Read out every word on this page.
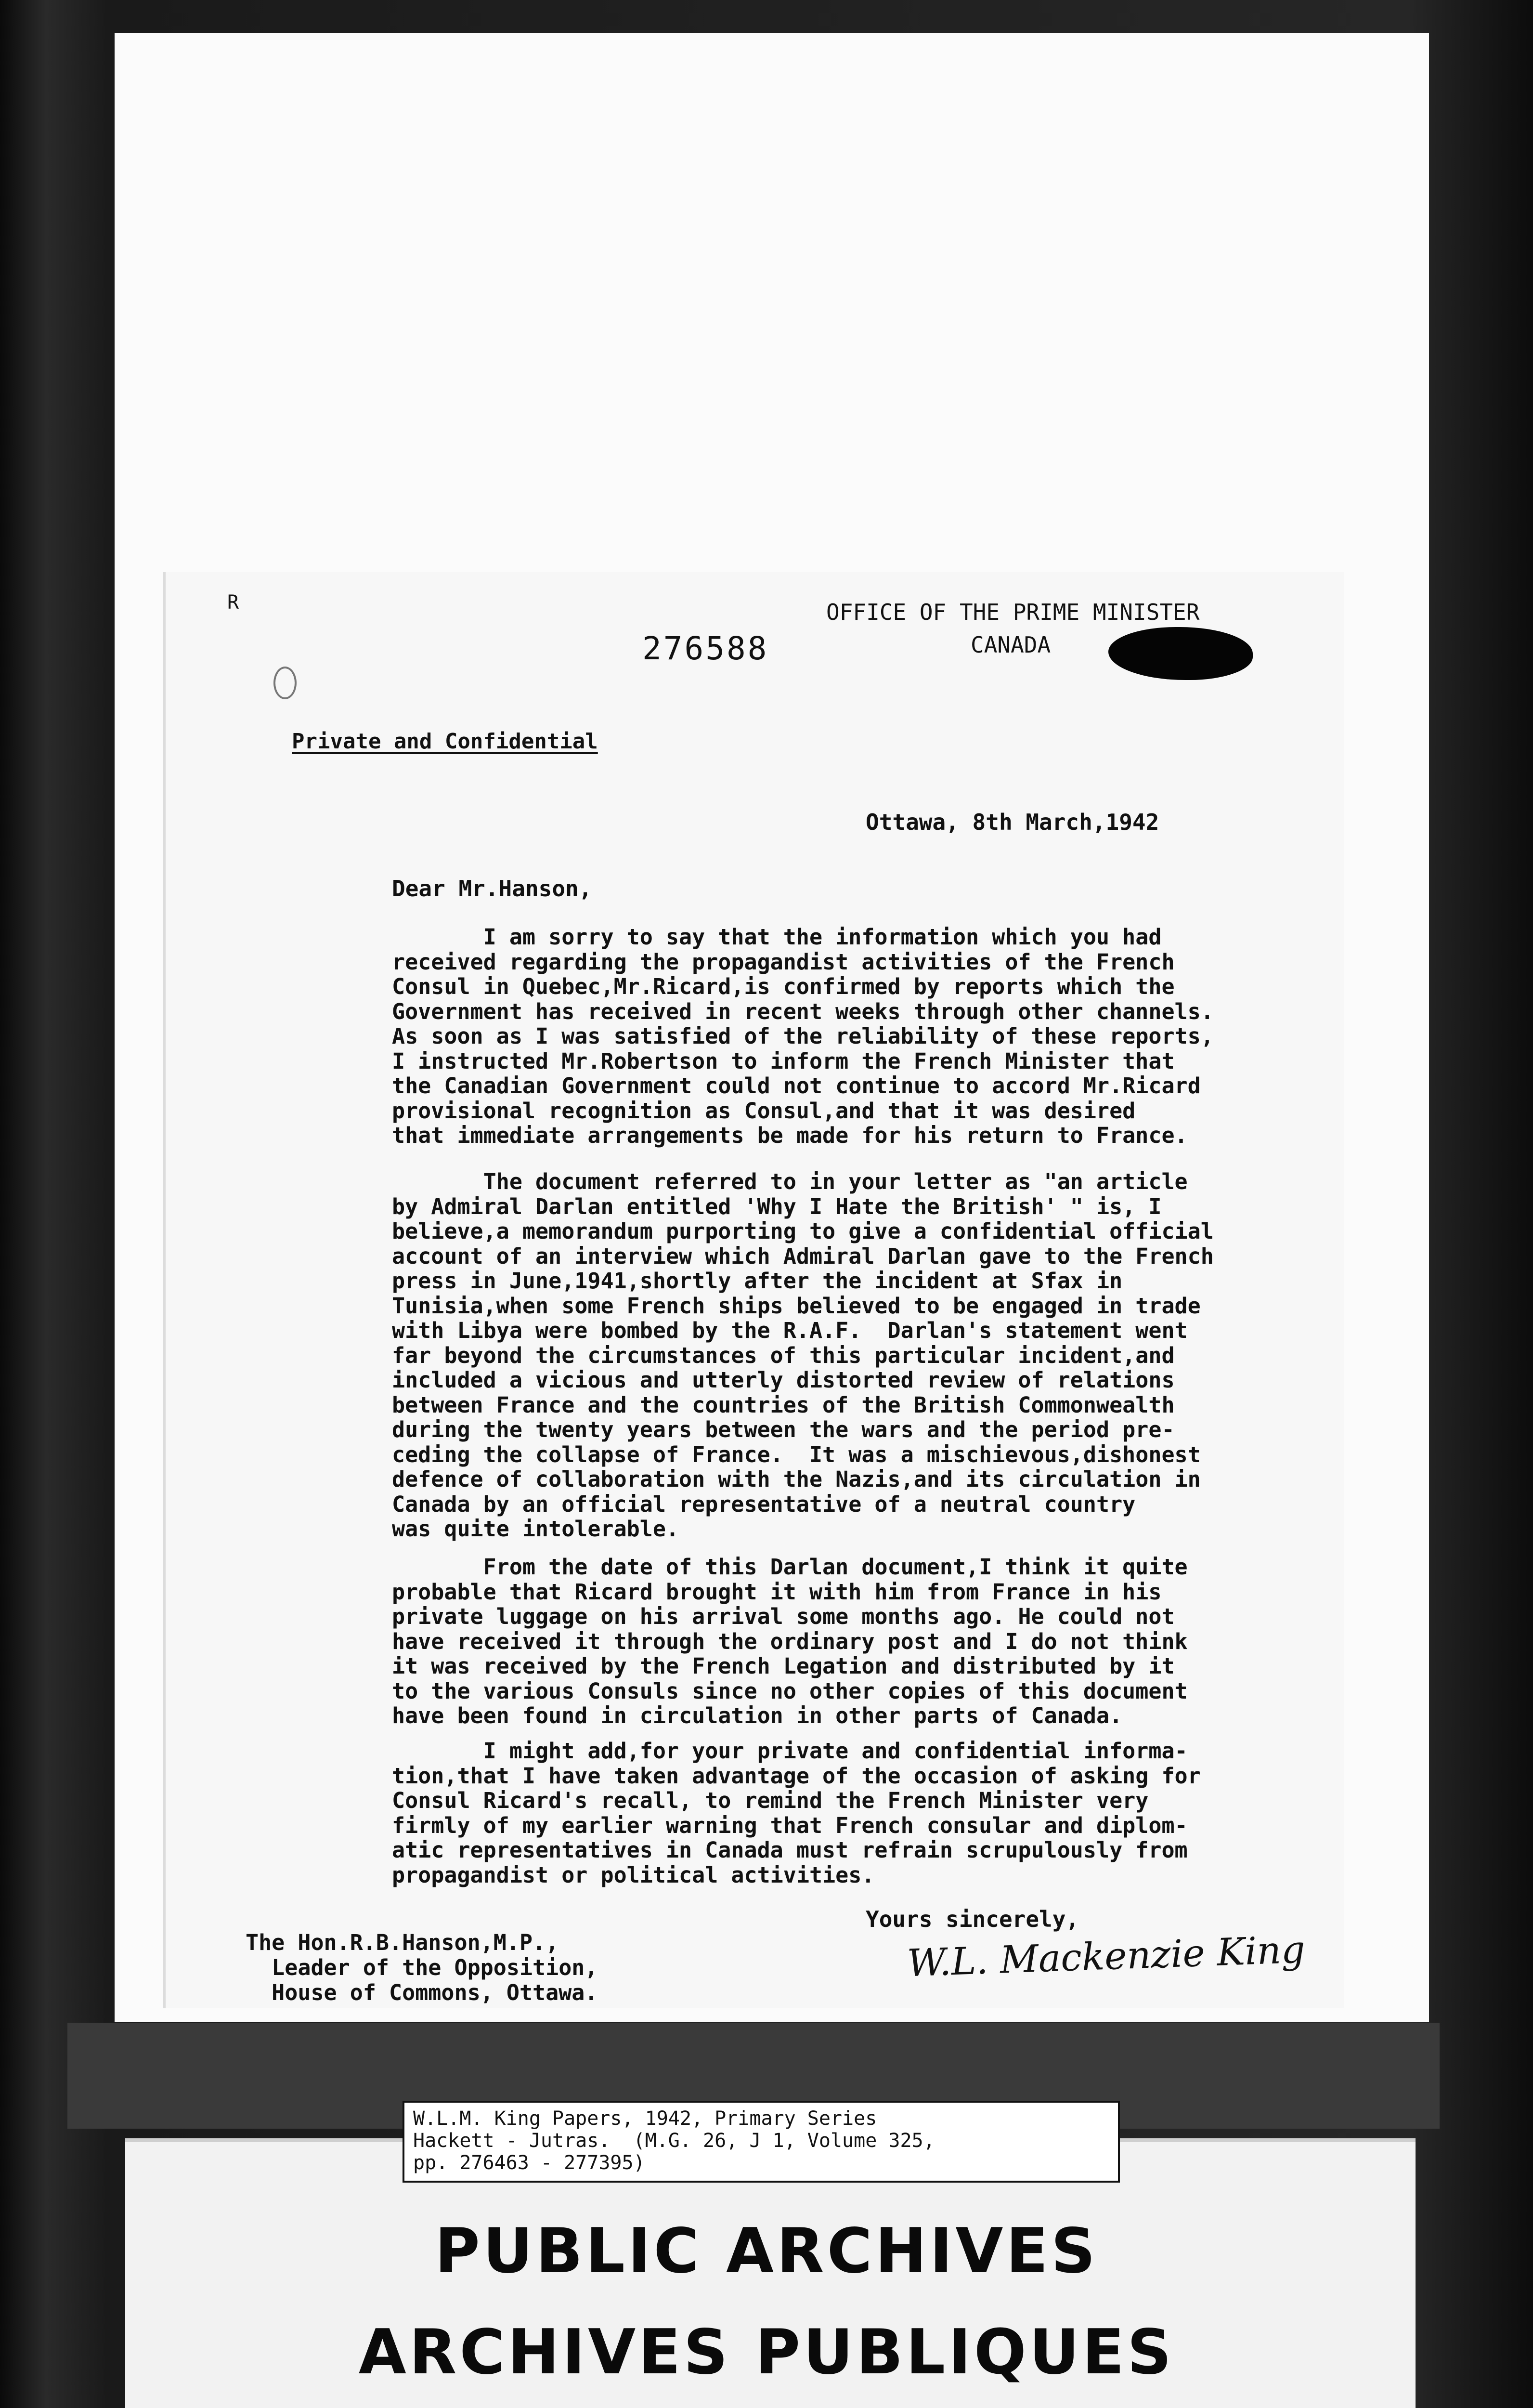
R	OFFICE OF THE PRIME MINISTER
CANADA
276588
Private and Confidential
Ottawa, 8th March,1942
Dear Mr.Hanson,
I am sorry to say that the information which you had
received regarding the propagandist activities of the French
Consul in Quebec,Mr.Ricard,is confirmed by reports which the
Government has received in recent weeks through other channels.
As soon as I was satisfied of the reliability of these reports,
I instructed Mr.Robertson to inform the French Minister that
the Canadian Government could not continue to accord Mr.Ricard
provisional recognition as Consul,and that it was desired
that immediate arrangements be made for his return to France.
The document referred to in your letter as "an article
by Admiral Darlan entitled 'Why I Hate the British' " is, I
believe,a memorandum purporting to give a confidential official
account of an interview which Admiral Darlan gave to the French
press in June,1941,shortly after the incident at Sfax in
Tunisia,when some French ships believed to be engaged in trade
with Libya were bombed by the R.A.F.  Darlan's statement went
far beyond the circumstances of this particular incident,and
included a vicious and utterly distorted review of relations
between France and the countries of the British Commonwealth
during the twenty years between the wars and the period pre-
ceding the collapse of France.  It was a mischievous,dishonest
defence of collaboration with the Nazis,and its circulation in
Canada by an official representative of a neutral country
was quite intolerable.
From the date of this Darlan document,I think it quite
probable that Ricard brought it with him from France in his
private luggage on his arrival some months ago. He could not
have received it through the ordinary post and I do not think
it was received by the French Legation and distributed by it
to the various Consuls since no other copies of this document
have been found in circulation in other parts of Canada.
I might add,for your private and confidential informa-
tion,that I have taken advantage of the occasion of asking for
Consul Ricard's recall, to remind the French Minister very
firmly of my earlier warning that French consular and diplom-
atic representatives in Canada must refrain scrupulously from
propagandist or political activities.
Yours sincerely,
W.L. Mackenzie King
The Hon.R.B.Hanson,M.P.,
Leader of the Opposition,
House of Commons, Ottawa.
W.L.M. King Papers, 1942, Primary Series
Hackett - Jutras.  (M.G. 26, J 1, Volume 325,
pp. 276463 - 277395)
PUBLIC ARCHIVES
ARCHIVES PUBLIQUES
